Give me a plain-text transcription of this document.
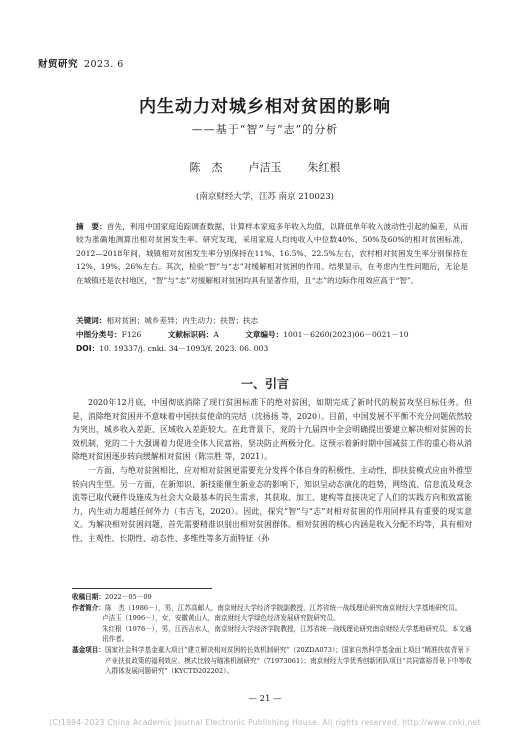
财贸研究 2023. 6
内生动力对城乡相对贫困的影响
——基于“智”与“志”的分析
陈　杰 卢洁玉 朱红根
(南京财经大学，江苏 南京 210023)
摘　要：首先，利用中国家庭追踪调查数据，计算样本家庭多年收入均值，以降低单年收入波动性引起的偏差，从而较为准确地测算出相对贫困发生率。研究发现，采用家庭人均纯收入中位数40%、50%及60%的相对贫困标准，2012—2018年间，城镇相对贫困发生率分别保持在11%、16.5%、22.5%左右，农村相对贫困发生率分别保持在12%、19%、26%左右。其次，检验“智”与“志”对缓解相对贫困的作用。结果显示，在考虑内生性问题后，无论是在城镇还是农村地区，“智”与“志”对缓解相对贫困均具有显著作用，且“志”的边际作用效应高于“智”。
关键词：相对贫困；城乡差异；内生动力；扶智；扶志
中图分类号：F126	文献标识码：A	文章编号：1001－6260(2023)06－0021－10
DOI：10. 19337/j. cnki. 34－1093/f. 2023. 06. 003
一、引言

2020年12月底，中国彻底消除了现行贫困标准下的绝对贫困，如期完成了新时代的脱贫攻坚目标任务。但是，消除绝对贫困并不意味着中国扶贫使命的完结（沈扬扬 等，2020）。目前，中国发展不平衡不充分问题依然较为突出，城乡收入差距、区域收入差距较大。在此背景下，党的十九届四中全会明确提出要建立解决相对贫困的长效机制，党的二十大强调着力促进全体人民富裕，坚决防止两极分化。这预示着新时期中国减贫工作的重心将从消除绝对贫困逐步转向缓解相对贫困（陈宗胜 等，2021）。

一方面，与绝对贫困相比，应对相对贫困更需要充分发挥个体自身的积极性、主动性，即扶贫模式应由外推型转向内生型。另一方面，在新知识、新技能催生新业态的影响下，知识呈动态演化的趋势，网络流、信息流及观念流等已取代硬件设施成为社会大众最基本的民生需求，其获取、加工、建构等直接决定了人们的实践方向和致富能力，内生动力超越任何外力（韦吉飞，2020）。因此，探究“智”与“志”对相对贫困的作用同样具有重要的现实意义。为解决相对贫困问题，首先需要精准识别出相对贫困群体。相对贫困的核心内涵是收入分配不均等，具有相对性、主观性、长期性、动态性、多维性等多方面特征（孙

收稿日期： 2022－05－09
作者简介： 陈　杰（1986－），男，江苏高邮人，南京财经大学经济学院副教授，江苏省统一战线理论研究南京财经大学基地研究员。
卢洁玉（1996－），女，安徽黄山人，南京财经大学绿色经济发展研究院研究员。
朱红根（1976－），男，江西吉水人，南京财经大学经济学院教授，江苏省统一战线理论研究南京财经大学基地研究员。本文通讯作者。
基金项目： 国家社会科学基金重大项目“建立解决相对贫困的长效机制研究”（20ZDA073）；国家自然科学基金面上项目“精准扶贫背景下产业扶贫政策的福利效应、模式比较与瞄准机制研究”（71973061）；南京财经大学优秀创新团队项目“共同富裕背景下中等收入群体发展问题研究”（KYCTD202202）。
— 21 —
(C)1994-2023 China Academic Journal Electronic Publishing House. All rights reserved. http://www.cnki.net
